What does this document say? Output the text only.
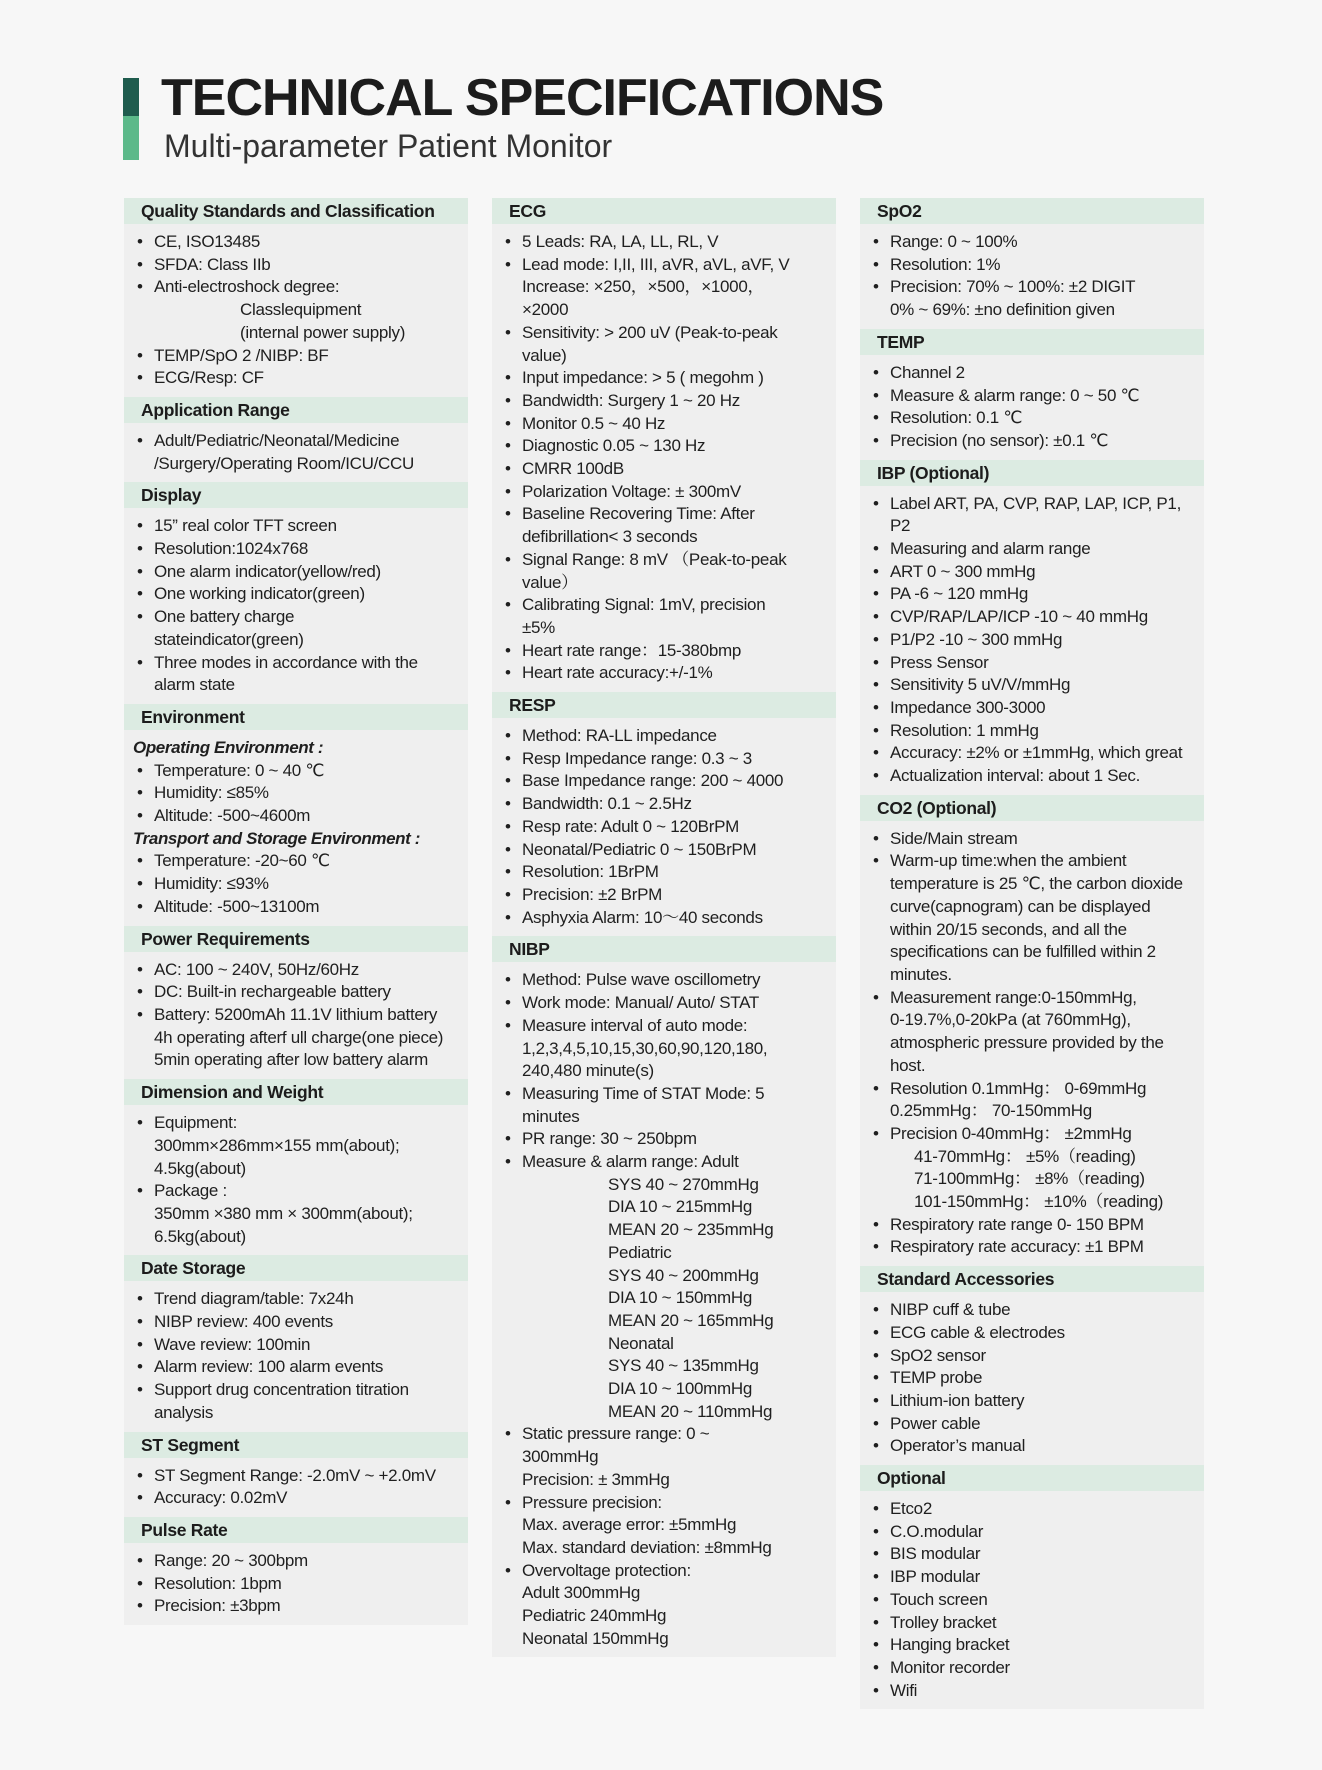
TECHNICAL SPECIFICATIONS
Multi-parameter Patient Monitor
Quality Standards and Classification
• CE, ISO13485
• SFDA: Class IIb
• Anti-electroshock degree:
Classlequipment
(internal power supply)
• TEMP/SpO 2 /NIBP: BF
• ECG/Resp: CF
Application Range
• Adult/Pediatric/Neonatal/Medicine
/Surgery/Operating Room/ICU/CCU
Display
• 15” real color TFT screen
• Resolution:1024x768
• One alarm indicator(yellow/red)
• One working indicator(green)
• One battery charge
stateindicator(green)
• Three modes in accordance with the
alarm state
Environment
Operating Environment :
• Temperature: 0 ~ 40 ℃
• Humidity: ≤85%
• Altitude: -500~4600m
Transport and Storage Environment :
• Temperature: -20~60 ℃
• Humidity: ≤93%
• Altitude: -500~13100m
Power Requirements
• AC: 100 ~ 240V, 50Hz/60Hz
• DC: Built-in rechargeable battery
• Battery: 5200mAh 11.1V lithium battery
4h operating afterf ull charge(one piece)
5min operating after low battery alarm
Dimension and Weight
• Equipment:
300mm×286mm×155 mm(about);
4.5kg(about)
• Package :
350mm ×380 mm × 300mm(about);
6.5kg(about)
Date Storage
• Trend diagram/table: 7x24h
• NIBP review: 400 events
• Wave review: 100min
• Alarm review: 100 alarm events
• Support drug concentration titration
analysis
ST Segment
• ST Segment Range: -2.0mV ~ +2.0mV
• Accuracy: 0.02mV
Pulse Rate
• Range: 20 ~ 300bpm
• Resolution: 1bpm
• Precision: ±3bpm
ECG
• 5 Leads: RA, LA, LL, RL, V
• Lead mode: I,II, III, aVR, aVL, aVF, V
Increase: ×250，×500，×1000，
×2000
• Sensitivity: > 200 uV (Peak-to-peak
value)
• Input impedance: > 5 ( megohm )
• Bandwidth: Surgery 1 ~ 20 Hz
• Monitor 0.5 ~ 40 Hz
• Diagnostic 0.05 ~ 130 Hz
• CMRR 100dB
• Polarization Voltage: ± 300mV
• Baseline Recovering Time: After
defibrillation< 3 seconds
• Signal Range: 8 mV （Peak-to-peak
value）
• Calibrating Signal: 1mV, precision
±5%
• Heart rate range：15-380bmp
• Heart rate accuracy:+/-1%
RESP
• Method: RA-LL impedance
• Resp Impedance range: 0.3 ~ 3
• Base Impedance range: 200 ~ 4000
• Bandwidth: 0.1 ~ 2.5Hz
• Resp rate: Adult 0 ~ 120BrPM
• Neonatal/Pediatric 0 ~ 150BrPM
• Resolution: 1BrPM
• Precision: ±2 BrPM
• Asphyxia Alarm: 10～40 seconds
NIBP
• Method: Pulse wave oscillometry
• Work mode: Manual/ Auto/ STAT
• Measure interval of auto mode:
1,2,3,4,5,10,15,30,60,90,120,180,
240,480 minute(s)
• Measuring Time of STAT Mode: 5
minutes
• PR range: 30 ~ 250bpm
• Measure & alarm range: Adult
SYS 40 ~ 270mmHg
DIA 10 ~ 215mmHg
MEAN 20 ~ 235mmHg
Pediatric
SYS 40 ~ 200mmHg
DIA 10 ~ 150mmHg
MEAN 20 ~ 165mmHg
Neonatal
SYS 40 ~ 135mmHg
DIA 10 ~ 100mmHg
MEAN 20 ~ 110mmHg
• Static pressure range: 0 ~
300mmHg
Precision: ± 3mmHg
• Pressure precision:
Max. average error: ±5mmHg
Max. standard deviation: ±8mmHg
• Overvoltage protection:
Adult 300mmHg
Pediatric 240mmHg
Neonatal 150mmHg
SpO2
• Range: 0 ~ 100%
• Resolution: 1%
• Precision: 70% ~ 100%: ±2 DIGIT
0% ~ 69%: ±no definition given
TEMP
• Channel 2
• Measure & alarm range: 0 ~ 50 ℃
• Resolution: 0.1 ℃
• Precision (no sensor): ±0.1 ℃
IBP (Optional)
• Label ART, PA, CVP, RAP, LAP, ICP, P1, P2
• Measuring and alarm range
• ART 0 ~ 300 mmHg
• PA -6 ~ 120 mmHg
• CVP/RAP/LAP/ICP -10 ~ 40 mmHg
• P1/P2 -10 ~ 300 mmHg
• Press Sensor
• Sensitivity 5 uV/V/mmHg
• Impedance 300-3000
• Resolution: 1 mmHg
• Accuracy: ±2% or ±1mmHg, which great
• Actualization interval: about 1 Sec.
CO2 (Optional)
• Side/Main stream
• Warm-up time:when the ambient
temperature is 25 ℃, the carbon dioxide
curve(capnogram) can be displayed
within 20/15 seconds, and all the
specifications can be fulfilled within 2
minutes.
• Measurement range:0-150mmHg,
0-19.7%,0-20kPa (at 760mmHg),
atmospheric pressure provided by the
host.
• Resolution 0.1mmHg： 0-69mmHg
0.25mmHg： 70-150mmHg
• Precision 0-40mmHg： ±2mmHg
41-70mmHg： ±5%（reading)
71-100mmHg： ±8%（reading)
101-150mmHg： ±10%（reading)
• Respiratory rate range 0- 150 BPM
• Respiratory rate accuracy: ±1 BPM
Standard Accessories
• NIBP cuff & tube
• ECG cable & electrodes
• SpO2 sensor
• TEMP probe
• Lithium-ion battery
• Power cable
• Operator’s manual
Optional
• Etco2
• C.O.modular
• BIS modular
• IBP modular
• Touch screen
• Trolley bracket
• Hanging bracket
• Monitor recorder
• Wifi
